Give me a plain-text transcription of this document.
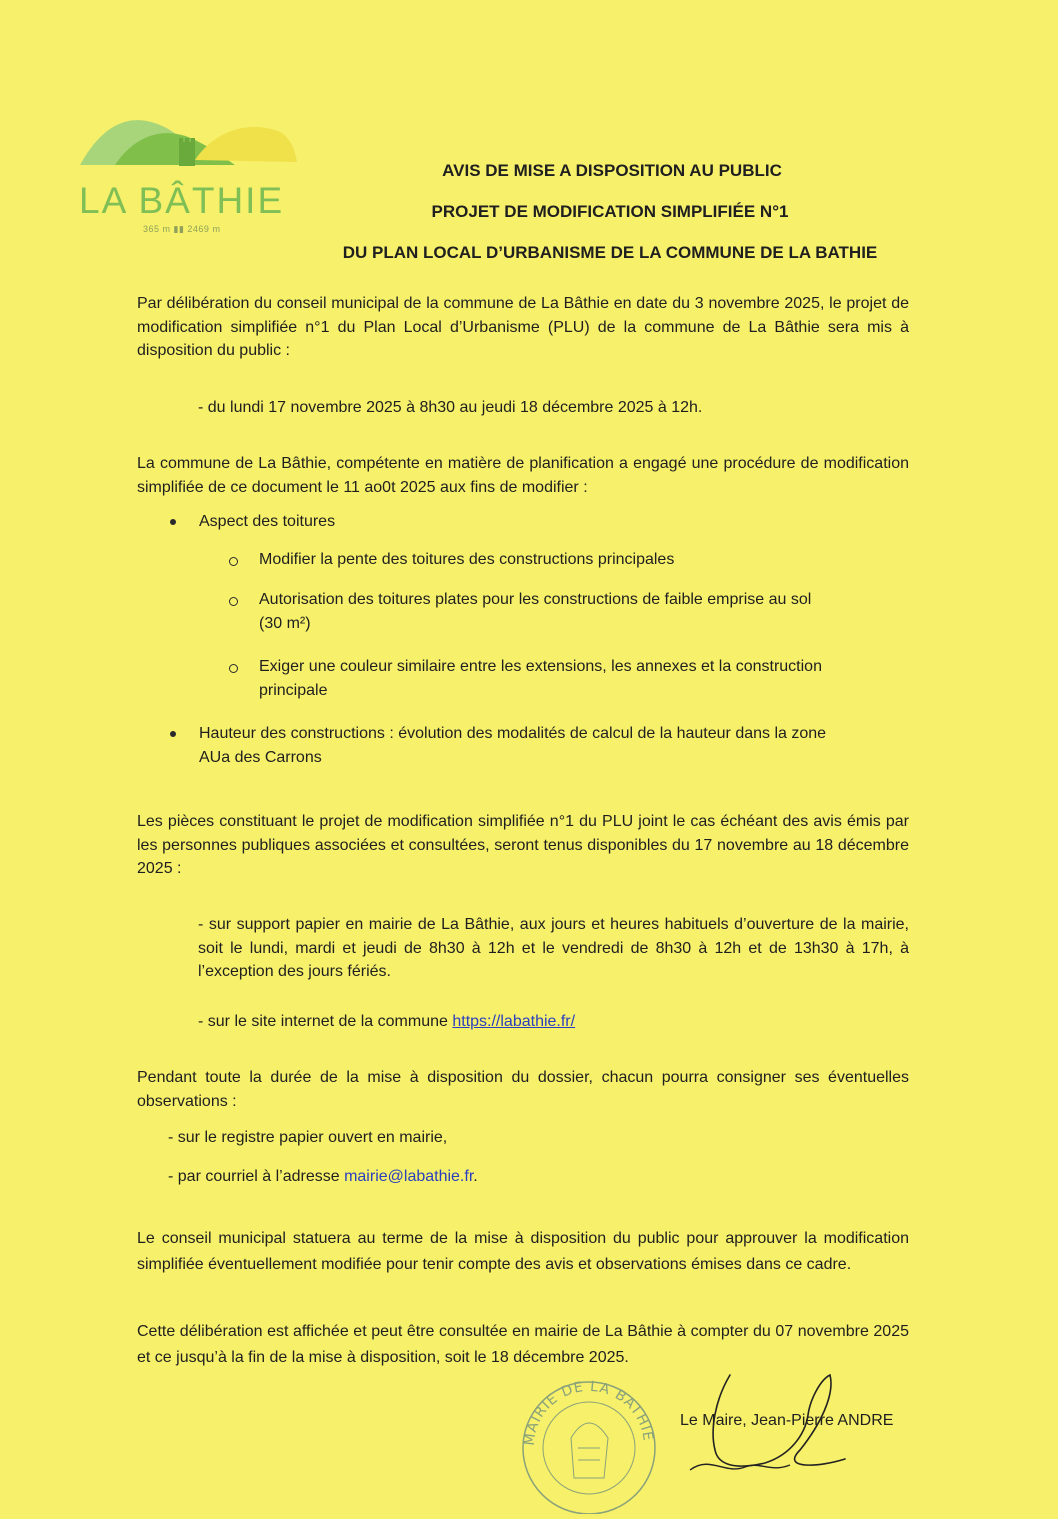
LA BÂTHIE
365 m ▮▮ 2469 m
AVIS DE MISE A DISPOSITION AU PUBLIC
PROJET DE MODIFICATION SIMPLIFIÉE N°1
DU PLAN LOCAL D’URBANISME DE LA COMMUNE DE LA BATHIE
Par délibération du conseil municipal de la commune de La Bâthie en date du 3 novembre 2025, le projet de modification simplifiée n°1 du Plan Local d’Urbanisme (PLU) de la commune de La Bâthie sera mis à disposition du public :
- du lundi 17 novembre 2025 à 8h30 au jeudi 18 décembre 2025 à 12h.
La commune de La Bâthie, compétente en matière de planification a engagé une procédure de modification simplifiée de ce document le 11 ao0t 2025 aux fins de modifier :
Aspect des toitures
Modifier la pente des toitures des constructions principales
Autorisation des toitures plates pour les constructions de faible emprise au sol
(30 m²)
Exiger une couleur similaire entre les extensions, les annexes et la construction
principale
Hauteur des constructions : évolution des modalités de calcul de la hauteur dans la zone
AUa des Carrons
Les pièces constituant le projet de modification simplifiée n°1 du PLU joint le cas échéant des avis émis par les personnes publiques associées et consultées, seront tenus disponibles du 17 novembre au 18 décembre 2025 :
- sur support papier en mairie de La Bâthie, aux jours et heures habituels d’ouverture de la mairie, soit le lundi, mardi et jeudi de 8h30 à 12h et le vendredi de 8h30 à 12h et de 13h30 à 17h, à l’exception des jours fériés.
- sur le site internet de la commune https://labathie.fr/
Pendant toute la durée de la mise à disposition du dossier, chacun pourra consigner ses éventuelles observations :
- sur le registre papier ouvert en mairie,
- par courriel à l’adresse mairie@labathie.fr.
Le conseil municipal statuera au terme de la mise à disposition du public pour approuver la modification simplifiée éventuellement modifiée pour tenir compte des avis et observations émises dans ce cadre.
Cette délibération est affichée et peut être consultée en mairie de La Bâthie à compter du 07 novembre 2025 et ce jusqu’à la fin de la mise à disposition, soit le 18 décembre 2025.
MAIRIE DE LA BATHIE
Le Maire, Jean-Pierre ANDRE
